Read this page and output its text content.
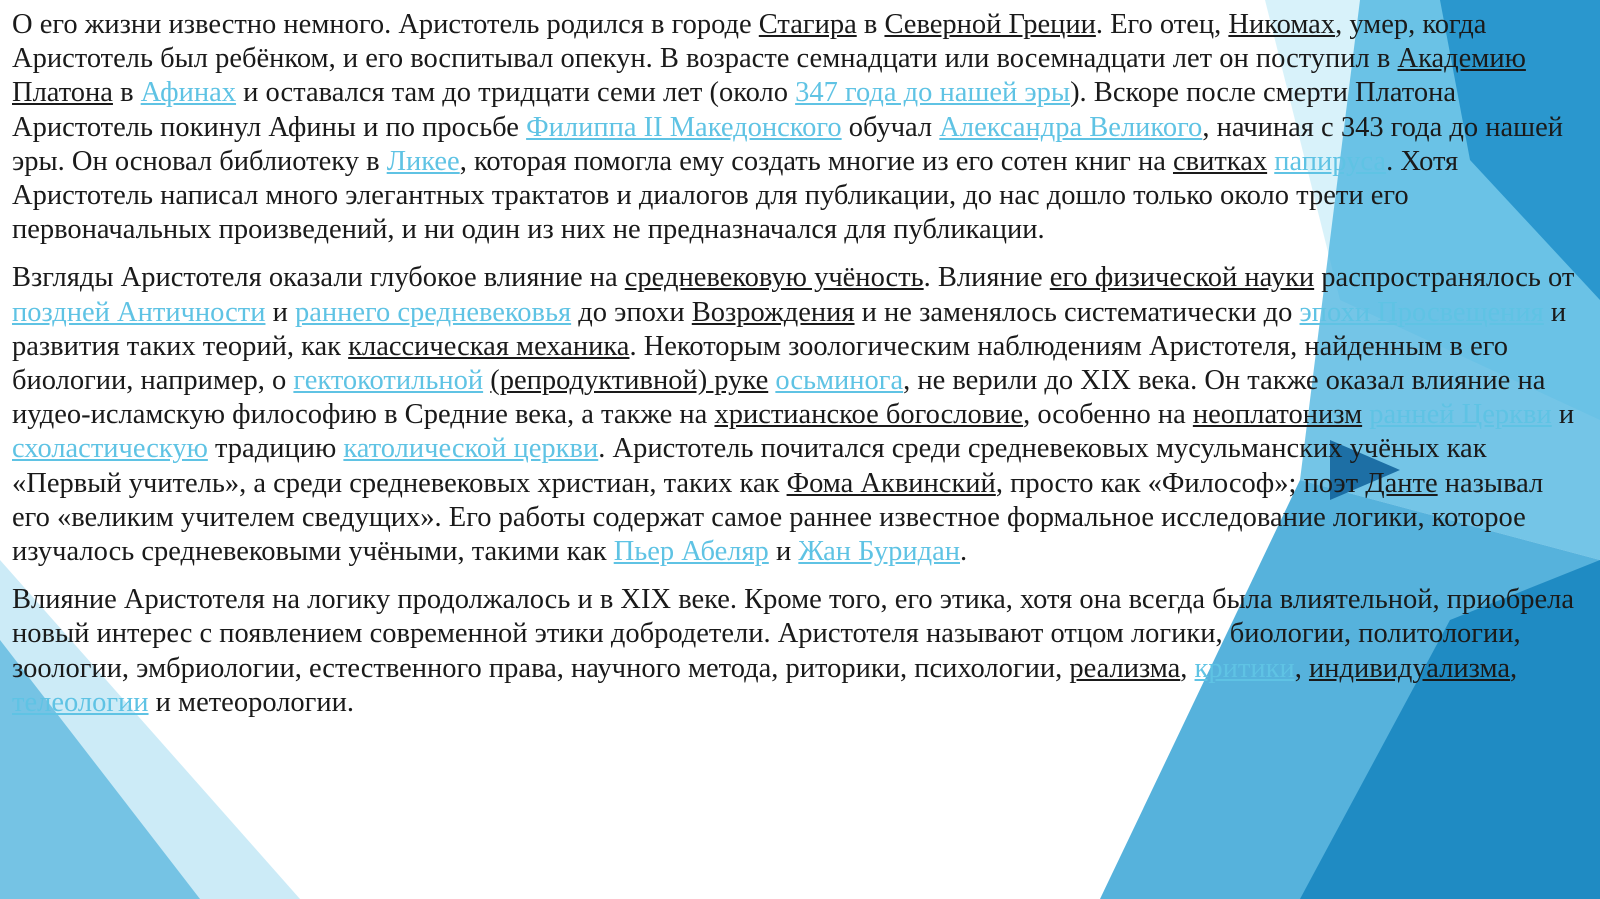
О его жизни известно немного. Аристотель родился в городе Стагира в Северной Греции. Его отец, Никомах, умер, когда Аристотель был ребёнком, и его воспитывал опекун. В возрасте семнадцати или восемнадцати лет он поступил в Академию Платона в Афинах и оставался там до тридцати семи лет (около 347 года до нашей эры). Вскоре после смерти Платона Аристотель покинул Афины и по просьбе Филиппа II Македонского обучал Александра Великого, начиная с 343 года до нашей эры. Он основал библиотеку в Ликее, которая помогла ему создать многие из его сотен книг на свитках папируса. Хотя Аристотель написал много элегантных трактатов и диалогов для публикации, до нас дошло только около трети его первоначальных произведений, и ни один из них не предназначался для публикации.

Взгляды Аристотеля оказали глубокое влияние на средневековую учёность. Влияние его физической науки распространялось от поздней Античности и раннего средневековья до эпохи Возрождения и не заменялось систематически до эпохи Просвещения и развития таких теорий, как классическая механика. Некоторым зоологическим наблюдениям Аристотеля, найденным в его биологии, например, о гектокотильной (репродуктивной) руке осьминога, не верили до XIX века. Он также оказал влияние на иудео-исламскую философию в Средние века, а также на христианское богословие, особенно на неоплатонизм ранней Церкви и схоластическую традицию католической церкви. Аристотель почитался среди средневековых мусульманских учёных как «Первый учитель», а среди средневековых христиан, таких как Фома Аквинский, просто как «Философ»; поэт Данте называл его «великим учителем сведущих». Его работы содержат самое раннее известное формальное исследование логики, которое изучалось средневековыми учёными, такими как Пьер Абеляр и Жан Буридан.

Влияние Аристотеля на логику продолжалось и в XIX веке. Кроме того, его этика, хотя она всегда была влиятельной, приобрела новый интерес с появлением современной этики добродетели. Аристотеля называют отцом логики, биологии, политологии, зоологии, эмбриологии, естественного права, научного метода, риторики, психологии, реализма, критики, индивидуализма, телеологии и метеорологии.
